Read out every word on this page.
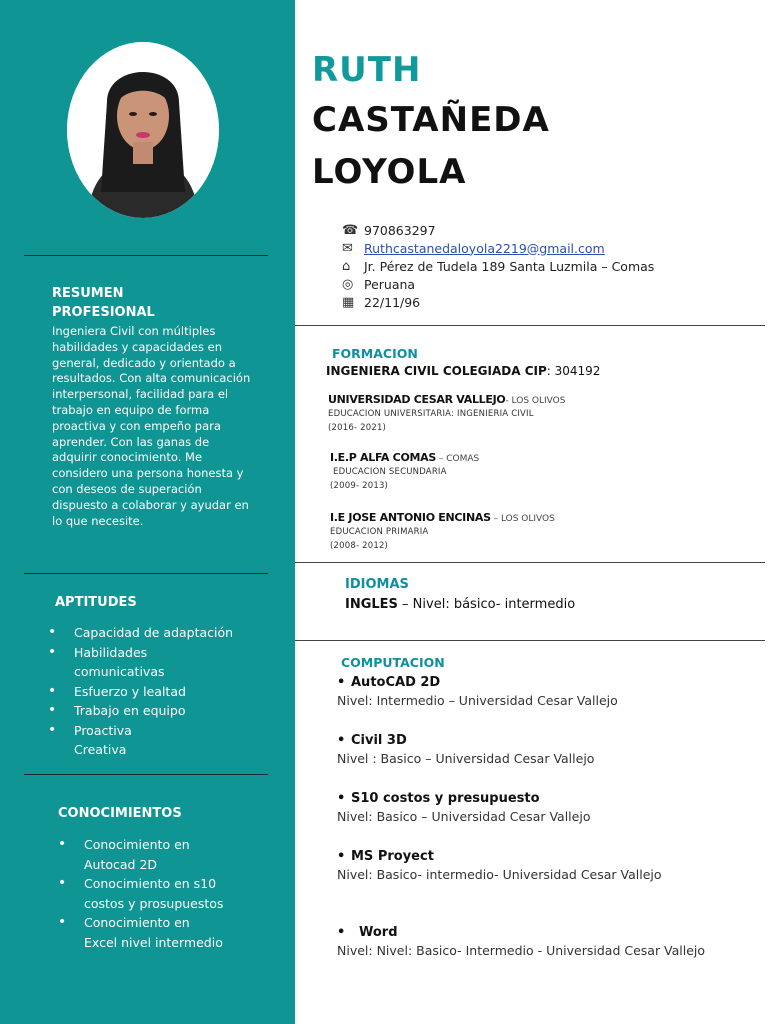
RESUMEN
PROFESIONAL
Ingeniera Civil con múltiples
habilidades y capacidades en
general, dedicado y orientado a
resultados. Con alta comunicación
interpersonal, facilidad para el
trabajo en equipo de forma
proactiva y con empeño para
aprender. Con las ganas de
adquirir conocimiento. Me
considero una persona honesta y
con deseos de superación
dispuesto a colaborar y ayudar en
lo que necesite.
APTITUDES
• Capacidad de adaptación
• Habilidades
comunicativas
• Esfuerzo y lealtad
• Trabajo en equipo
• Proactiva
Creativa
CONOCIMIENTOS
• Conocimiento en
Autocad 2D
• Conocimiento en s10
costos y prosupuestos
• Conocimiento en
Excel nivel intermedio
RUTH
CASTAÑEDA
LOYOLA
☎ 970863297
✉ Ruthcastanedaloyola2219@gmail.com
⌂	Jr. Pérez de Tudela 189 Santa Luzmila – Comas
◎ Peruana
▦ 22/11/96
FORMACION
INGENIERA CIVIL COLEGIADA CIP: 304192
UNIVERSIDAD CESAR VALLEJO- LOS OLIVOS
EDUCACION UNIVERSITARIA: INGENIERIA CIVIL
(2016- 2021)
I.E.P ALFA COMAS – COMAS
EDUCACION SECUNDARIA
(2009- 2013)
I.E JOSE ANTONIO ENCINAS – LOS OLIVOS
EDUCACION PRIMARIA
(2008- 2012)
IDIOMAS
INGLES – Nivel: básico- intermedio
COMPUTACION
• AutoCAD 2D
Nivel: Intermedio – Universidad Cesar Vallejo
• Civil 3D
Nivel : Basico – Universidad Cesar Vallejo
• S10 costos y presupuesto
Nivel: Basico – Universidad Cesar Vallejo
• MS Proyect
Nivel: Basico- intermedio- Universidad Cesar Vallejo
• Word
Nivel: Nivel: Basico- Intermedio - Universidad Cesar Vallejo
